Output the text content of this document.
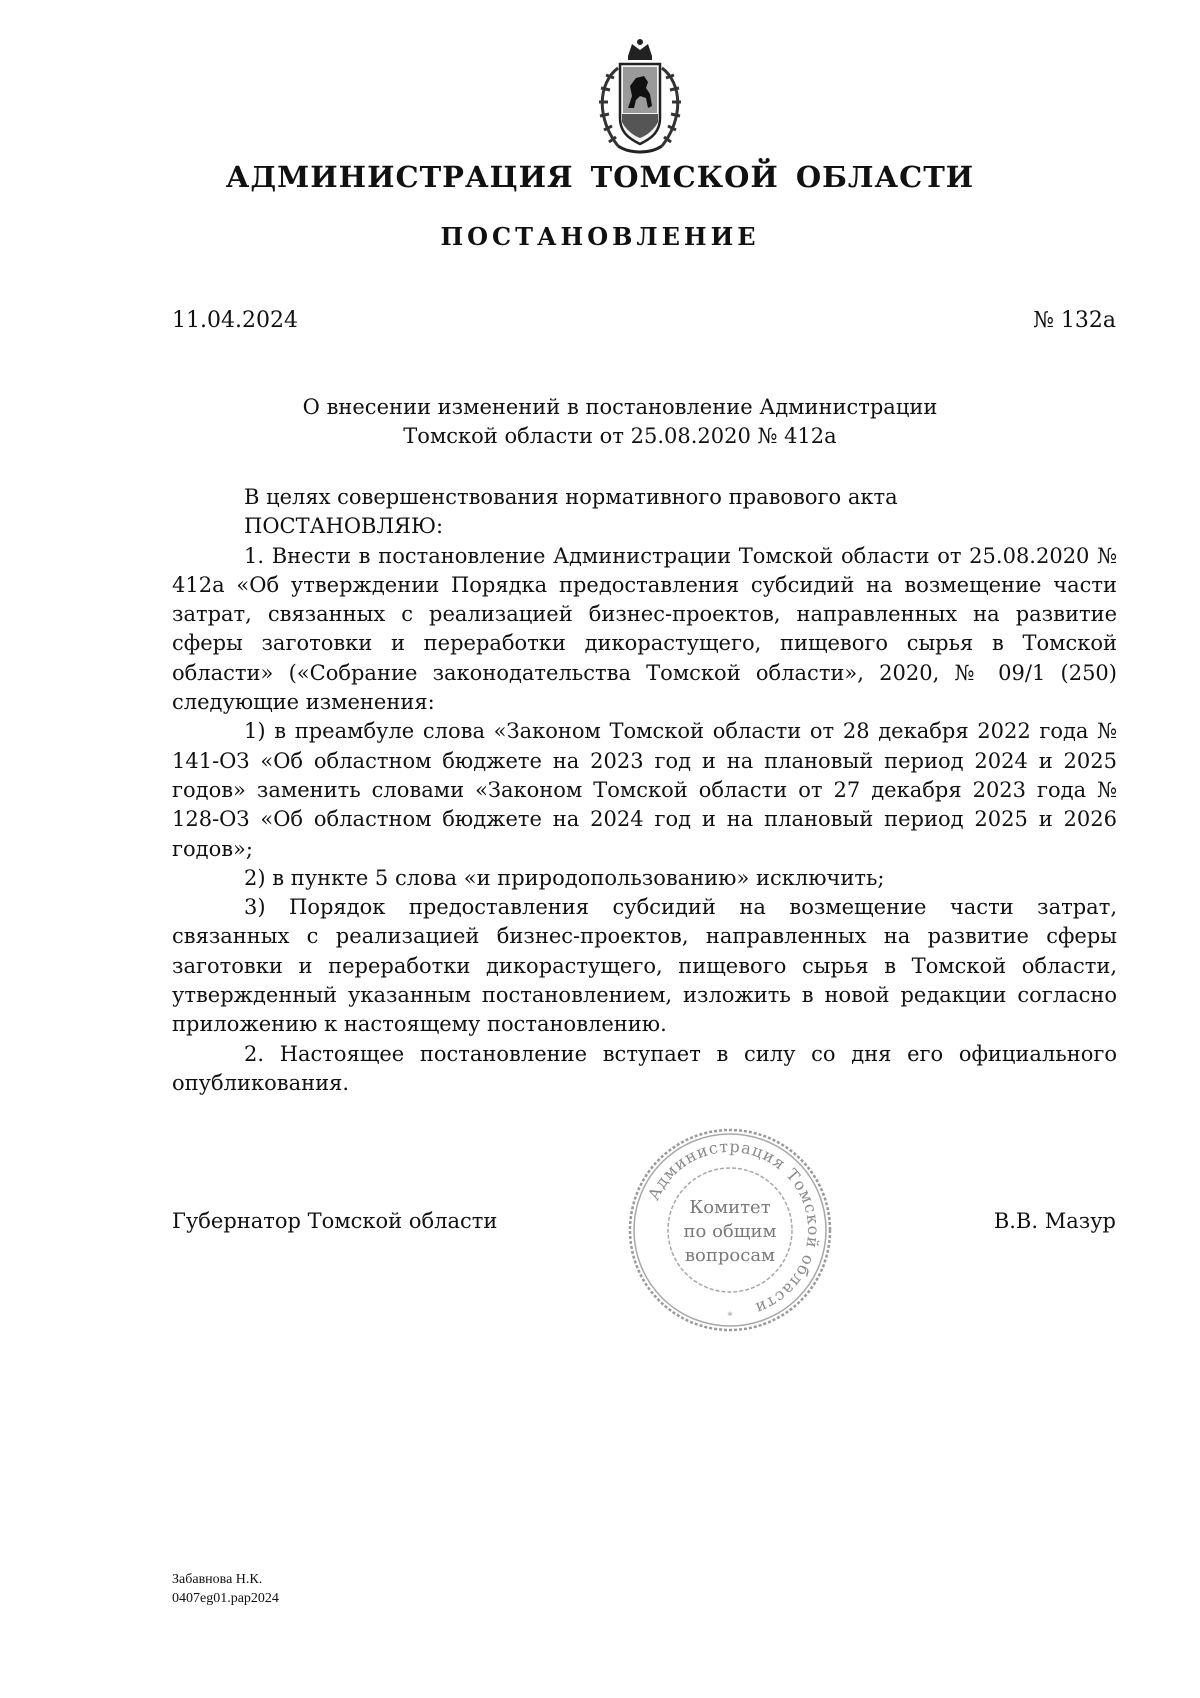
АДМИНИСТРАЦИЯ ТОМСКОЙ ОБЛАСТИ
ПОСТАНОВЛЕНИЕ
11.04.2024	№ 132а
О внесении изменений в постановление Администрации
Томской области от 25.08.2020 № 412а

В целях совершенствования нормативного правового акта

ПОСТАНОВЛЯЮ:

1. Внести в постановление Администрации Томской области от 25.08.2020 № 412а «Об утверждении Порядка предоставления субсидий на возмещение части затрат, связанных с реализацией бизнес-проектов, направленных на развитие сферы заготовки и переработки дикорастущего, пищевого сырья в Томской области» («Собрание законодательства Томской области», 2020, № 09/1 (250) следующие изменения:

1) в преамбуле слова «Законом Томской области от 28 декабря 2022 года № 141-ОЗ «Об областном бюджете на 2023 год и на плановый период 2024 и 2025 годов» заменить словами «Законом Томской области от 27 декабря 2023 года № 128-ОЗ «Об областном бюджете на 2024 год и на плановый период 2025 и 2026 годов»;

2) в пункте 5 слова «и природопользованию» исключить;

3) Порядок предоставления субсидий на возмещение части затрат, связанных с реализацией бизнес-проектов, направленных на развитие сферы заготовки и переработки дикорастущего, пищевого сырья в Томской области, утвержденный указанным постановлением, изложить в новой редакции согласно приложению к настоящему постановлению.

2. Настоящее постановление вступает в силу со дня его официального опубликования.

Администрация Томской области
Комитет
по общим
вопросам
*
Губернатор Томской области	В.В. Мазур
Забавнова Н.К.
0407eg01.pap2024
